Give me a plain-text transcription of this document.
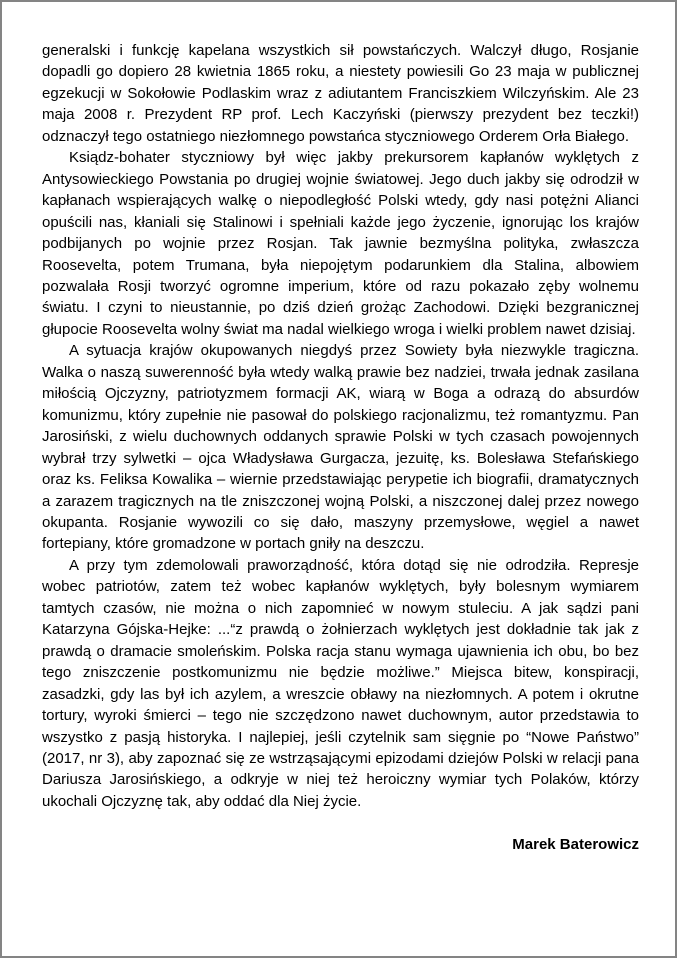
generalski i funkcję kapelana wszystkich sił powstańczych. Walczył długo, Rosjanie dopadli go dopiero 28 kwietnia 1865 roku, a niestety powiesili Go 23 maja w publicznej egzekucji w Sokołowie Podlaskim wraz z adiutantem Franciszkiem Wilczyńskim. Ale 23 maja 2008 r. Prezydent RP prof. Lech Kaczyński (pierwszy prezydent bez teczki!) odznaczył tego ostatniego niezłomnego powstańca styczniowego Orderem Orła Białego.

Ksiądz-bohater styczniowy był więc jakby prekursorem kapłanów wyklętych z Antysowieckiego Powstania po drugiej wojnie światowej. Jego duch jakby się odrodził w kapłanach wspierających walkę o niepodległość Polski wtedy, gdy nasi potężni Alianci opuścili nas, kłaniali się Stalinowi i spełniali każde jego życzenie, ignorując los krajów podbijanych po wojnie przez Rosjan. Tak jawnie bezmyślna polityka, zwłaszcza Roosevelta, potem Trumana, była niepojętym podarunkiem dla Stalina, albowiem pozwalała Rosji tworzyć ogromne imperium, które od razu pokazało zęby wolnemu światu. I czyni to nieustannie, po dziś dzień grożąc Zachodowi. Dzięki bezgranicznej głupocie Roosevelta wolny świat ma nadal wielkiego wroga i wielki problem nawet dzisiaj.

A sytuacja krajów okupowanych niegdyś przez Sowiety była niezwykle tragiczna. Walka o naszą suwerenność była wtedy walką prawie bez nadziei, trwała jednak zasilana miłością Ojczyzny, patriotyzmem formacji AK, wiarą w Boga a odrazą do absurdów komunizmu, który zupełnie nie pasował do polskiego racjonalizmu, też romantyzmu. Pan Jarosiński, z wielu duchownych oddanych sprawie Polski w tych czasach powojennych wybrał trzy sylwetki – ojca Władysława Gurgacza, jezuitę, ks. Bolesława Stefańskiego oraz ks. Feliksa Kowalika – wiernie przedstawiając perypetie ich biografii, dramatycznych a zarazem tragicznych na tle zniszczonej wojną Polski, a niszczonej dalej przez nowego okupanta. Rosjanie wywozili co się dało, maszyny przemysłowe, węgiel a nawet fortepiany, które gromadzone w portach gniły na deszczu.

A przy tym zdemolowali praworządność, która dotąd się nie odrodziła. Represje wobec patriotów, zatem też wobec kapłanów wyklętych, były bolesnym wymiarem tamtych czasów, nie można o nich zapomnieć w nowym stuleciu. A jak sądzi pani Katarzyna Gójska-Hejke: ...“z prawdą o żołnierzach wyklętych jest dokładnie tak jak z prawdą o dramacie smoleńskim. Polska racja stanu wymaga ujawnienia ich obu, bo bez tego zniszczenie postkomunizmu nie będzie możliwe.” Miejsca bitew, konspiracji, zasadzki, gdy las był ich azylem, a wreszcie obławy na niezłomnych. A potem i okrutne tortury, wyroki śmierci – tego nie szczędzono nawet duchownym, autor przedstawia to wszystko z pasją historyka. I najlepiej, jeśli czytelnik sam sięgnie po “Nowe Państwo” (2017, nr 3), aby zapoznać się ze wstrząsającymi epizodami dziejów Polski w relacji pana Dariusza Jarosińskiego, a odkryje w niej też heroiczny wymiar tych Polaków, którzy ukochali Ojczyznę tak, aby oddać dla Niej życie.

Marek Baterowicz
